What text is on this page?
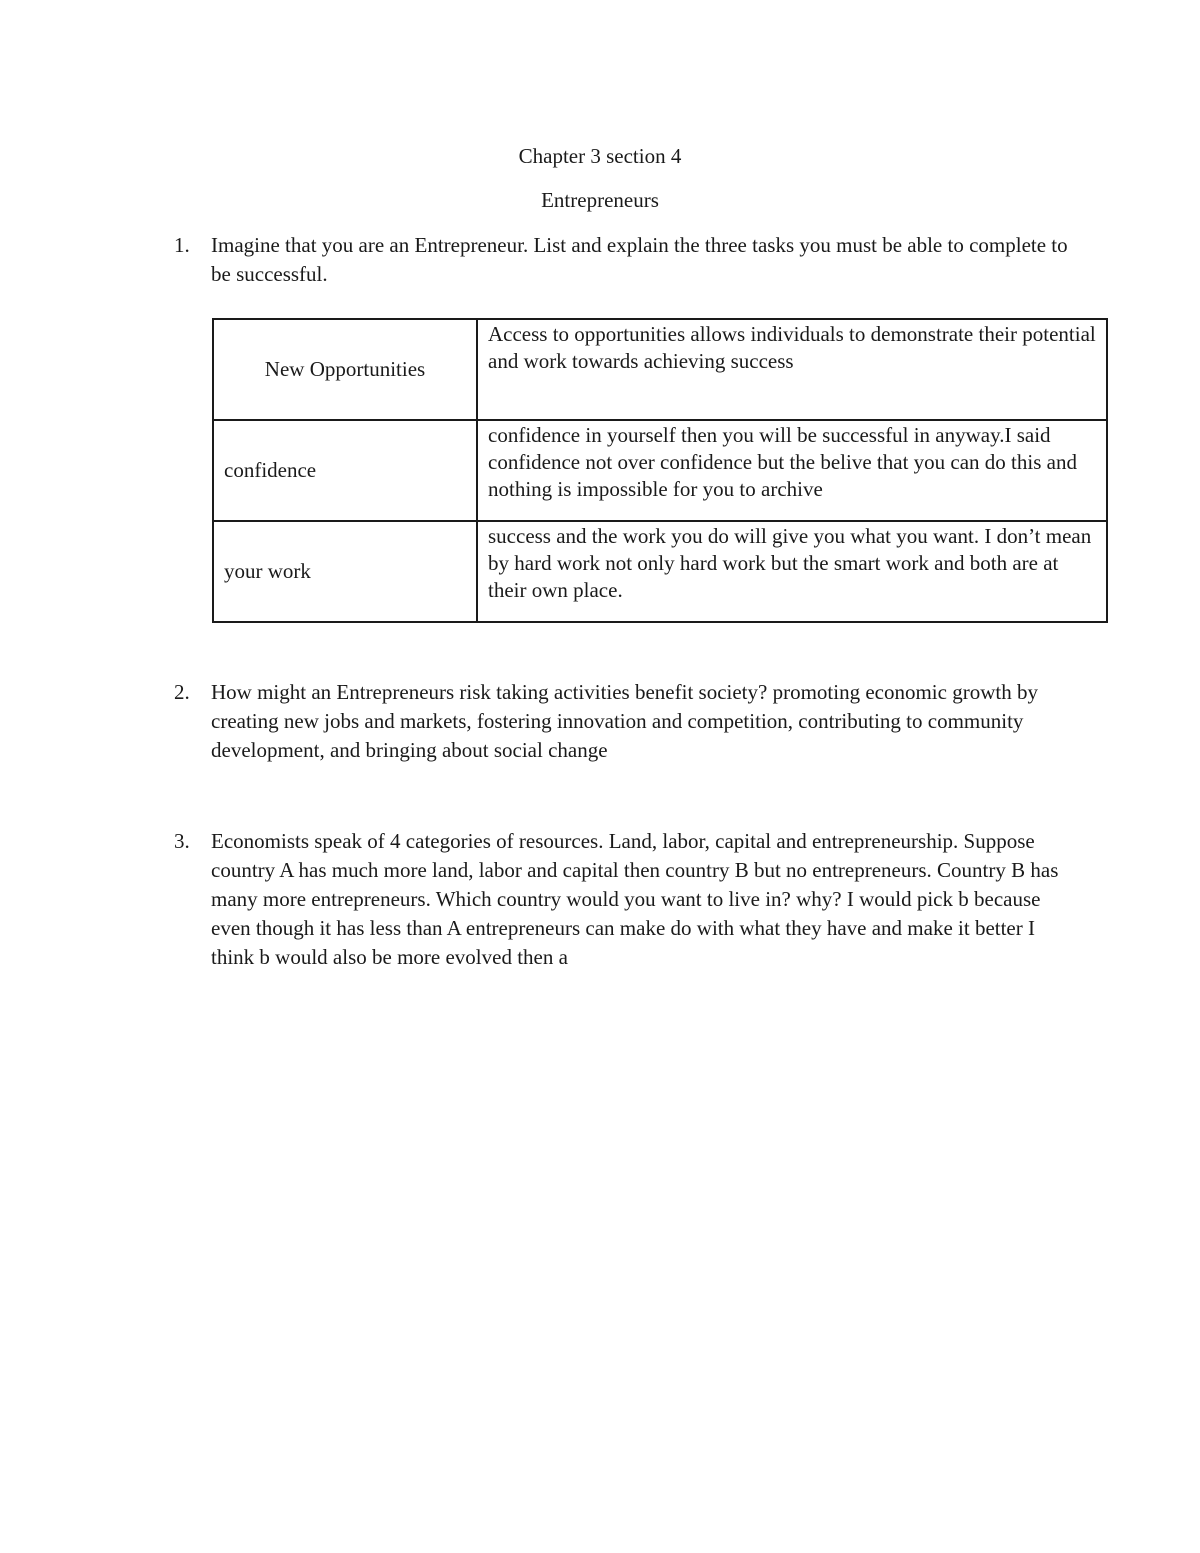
Chapter 3 section 4
Entrepreneurs
1. Imagine that you are an Entrepreneur. List and explain the three tasks you must be able to complete to be successful.
New Opportunities	Access to opportunities allows individuals to demonstrate their potential and work towards achieving success
confidence	confidence in yourself then you will be successful in anyway.I said confidence not over confidence but the belive that you can do this and nothing is impossible for you to archive
your work	success and the work you do will give you what you want. I don’t mean by hard work not only hard work but the smart work and both are at their own place.
2. How might an Entrepreneurs risk taking activities benefit society? promoting economic growth by creating new jobs and markets, fostering innovation and competition, contributing to community development, and bringing about social change
3. Economists speak of 4 categories of resources. Land, labor, capital and entrepreneurship. Suppose country A has much more land, labor and capital then country B but no entrepreneurs. Country B has many more entrepreneurs. Which country would you want to live in? why? I would pick b because even though it has less than A entrepreneurs can make do with what they have and make it better I think b would also be more evolved then a
